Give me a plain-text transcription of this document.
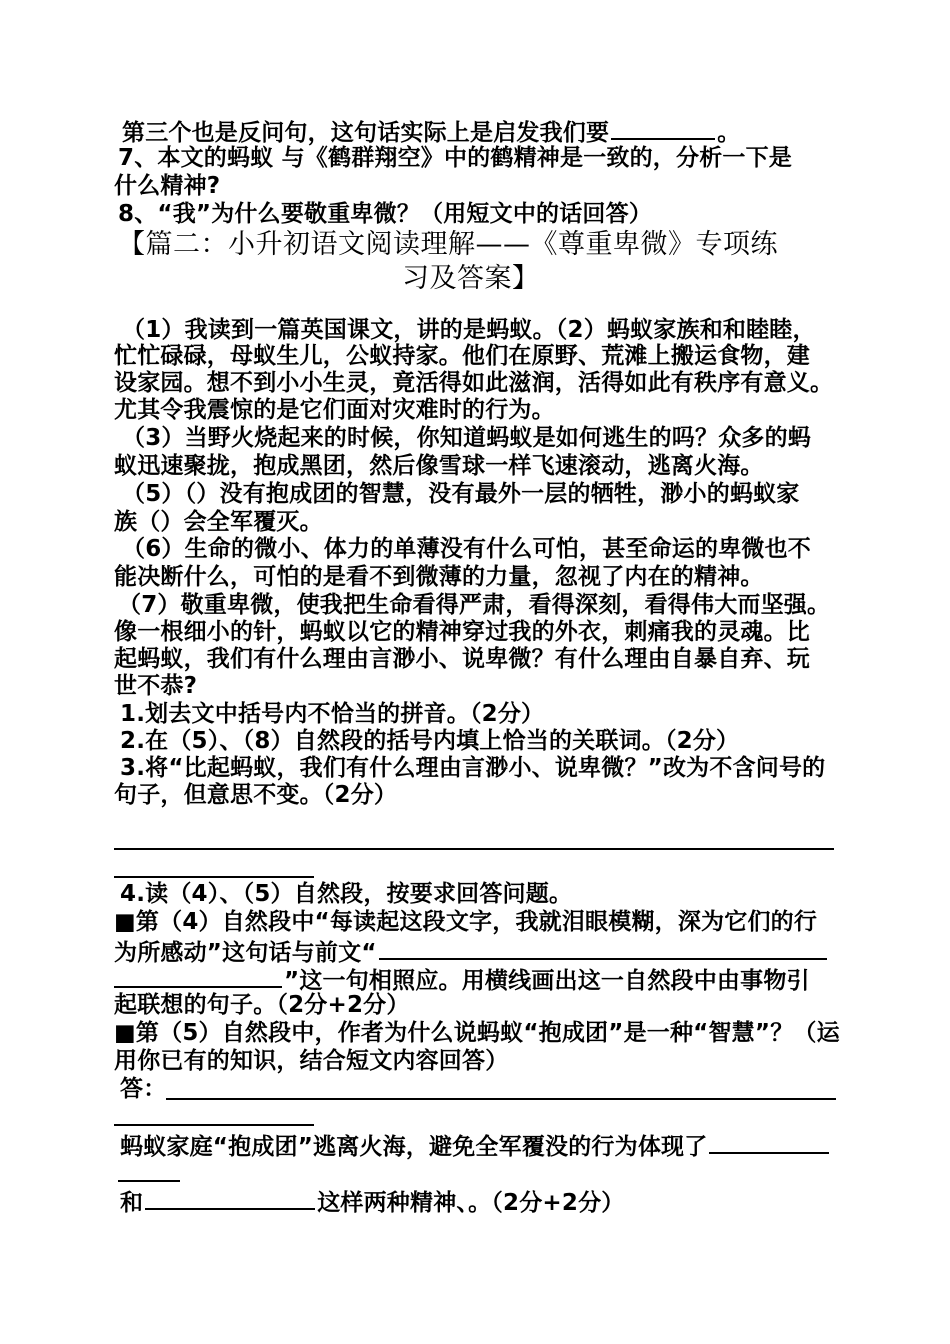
第三个也是反问句，这句话实际上是启发我们要	。
7、本文的蚂蚁 与《鹤群翔空》中的鹤精神是一致的，分析一下是
什么精神?
8、“我”为什么要敬重卑微？（用短文中的话回答）
【篇二：小升初语文阅读理解——《尊重卑微》专项练
习及答案】
（1）我读到一篇英国课文，讲的是蚂蚁。（2）蚂蚁家族和和睦睦，
忙忙碌碌，母蚁生儿，公蚁持家。他们在原野、荒滩上搬运食物，建
设家园。想不到小小生灵，竟活得如此滋润，活得如此有秩序有意义。
尤其令我震惊的是它们面对灾难时的行为。
（3）当野火烧起来的时候，你知道蚂蚁是如何逃生的吗？众多的蚂
蚁迅速聚拢，抱成黑团，然后像雪球一样飞速滚动，逃离火海。
（5）（）没有抱成团的智慧，没有最外一层的牺牲，渺小的蚂蚁家
族（）会全军覆灭。
（6）生命的微小、体力的单薄没有什么可怕，甚至命运的卑微也不
能决断什么，可怕的是看不到微薄的力量，忽视了内在的精神。
（7）敬重卑微，使我把生命看得严肃，看得深刻，看得伟大而坚强。
像一根细小的针，蚂蚁以它的精神穿过我的外衣，刺痛我的灵魂。比
起蚂蚁，我们有什么理由言渺小、说卑微？有什么理由自暴自弃、玩
世不恭?
1.划去文中括号内不恰当的拼音。（2分）
2.在（5）、（8）自然段的括号内填上恰当的关联词。（2分）
3.将“比起蚂蚁，我们有什么理由言渺小、说卑微？”改为不含问号的
句子，但意思不变。（2分）
4.读（4）、（5）自然段，按要求回答问题。
■第（4）自然段中“每读起这段文字，我就泪眼模糊，深为它们的行
为所感动”这句话与前文“
”这一句相照应。用横线画出这一自然段中由事物引
起联想的句子。（2分+2分）
■第（5）自然段中，作者为什么说蚂蚁“抱成团”是一种“智慧”？（运
用你已有的知识，结合短文内容回答）
答：
蚂蚁家庭“抱成团”逃离火海，避免全军覆没的行为体现了
和	这样两种精神、。（2分+2分）
